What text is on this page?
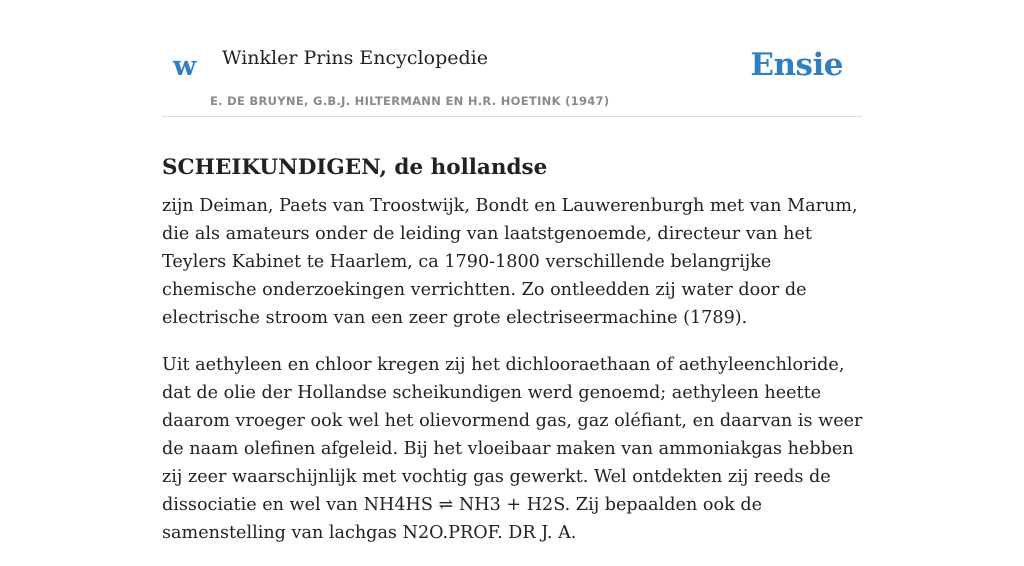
w Winkler Prins Encyclopedie
E. DE BRUYNE, G.B.J. HILTERMANN EN H.R. HOETINK (1947)
Ensie
SCHEIKUNDIGEN, de hollandse

zijn Deiman, Paets van Troostwijk, Bondt en Lauwerenburgh met van Marum, die als amateurs onder de leiding van laatstgenoemde, directeur van het Teylers Kabinet te Haarlem, ca 1790-1800 verschillende belangrijke chemische onderzoekingen verrichtten. Zo ontleedden zij water door de electrische stroom van een zeer grote electriseermachine (1789).

Uit aethyleen en chloor kregen zij het dichlooraethaan of aethyleenchloride, dat de olie der Hollandse scheikundigen werd genoemd; aethyleen heette daarom vroeger ook wel het olievormend gas, gaz oléfiant, en daarvan is weer de naam olefinen afgeleid. Bij het vloeibaar maken van ammoniakgas hebben zij zeer waarschijnlijk met vochtig gas gewerkt. Wel ontdekten zij reeds de dissociatie en wel van NH4HS ⇌ NH3 + H2S. Zij bepaalden ook de samenstelling van lachgas N2O.PROF. DR J. A.
